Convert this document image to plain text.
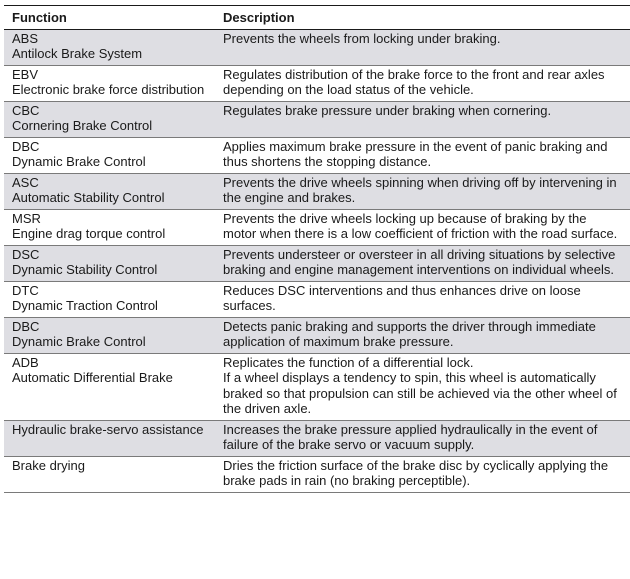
Function	Description

ABS
Antilock Brake System	Prevents the wheels from locking under braking.

EBV
Electronic brake force distribution	Regulates distribution of the brake force to the front and rear axles depending on the load status of the vehicle.

CBC
Cornering Brake Control	Regulates brake pressure under braking when cornering.

DBC
Dynamic Brake Control	Applies maximum brake pressure in the event of panic braking and thus shortens the stopping distance.

ASC
Automatic Stability Control	Prevents the drive wheels spinning when driving off by intervening in the engine and brakes.

MSR
Engine drag torque control	Prevents the drive wheels locking up because of braking by the motor when there is a low coefficient of friction with the road surface.

DSC
Dynamic Stability Control	Prevents understeer or oversteer in all driving situations by selective braking and engine management interventions on individual wheels.

DTC
Dynamic Traction Control	Reduces DSC interventions and thus enhances drive on loose surfaces.

DBC
Dynamic Brake Control	Detects panic braking and supports the driver through immediate application of maximum brake pressure.

ADB
Automatic Differential Brake	Replicates the function of a differential lock.
If a wheel displays a tendency to spin, this wheel is automatically braked so that propulsion can still be achieved via the other wheel of the driven axle.

Hydraulic brake-servo assistance	Increases the brake pressure applied hydraulically in the event of failure of the brake servo or vacuum supply.

Brake drying	Dries the friction surface of the brake disc by cyclically applying the brake pads in rain (no braking perceptible).
